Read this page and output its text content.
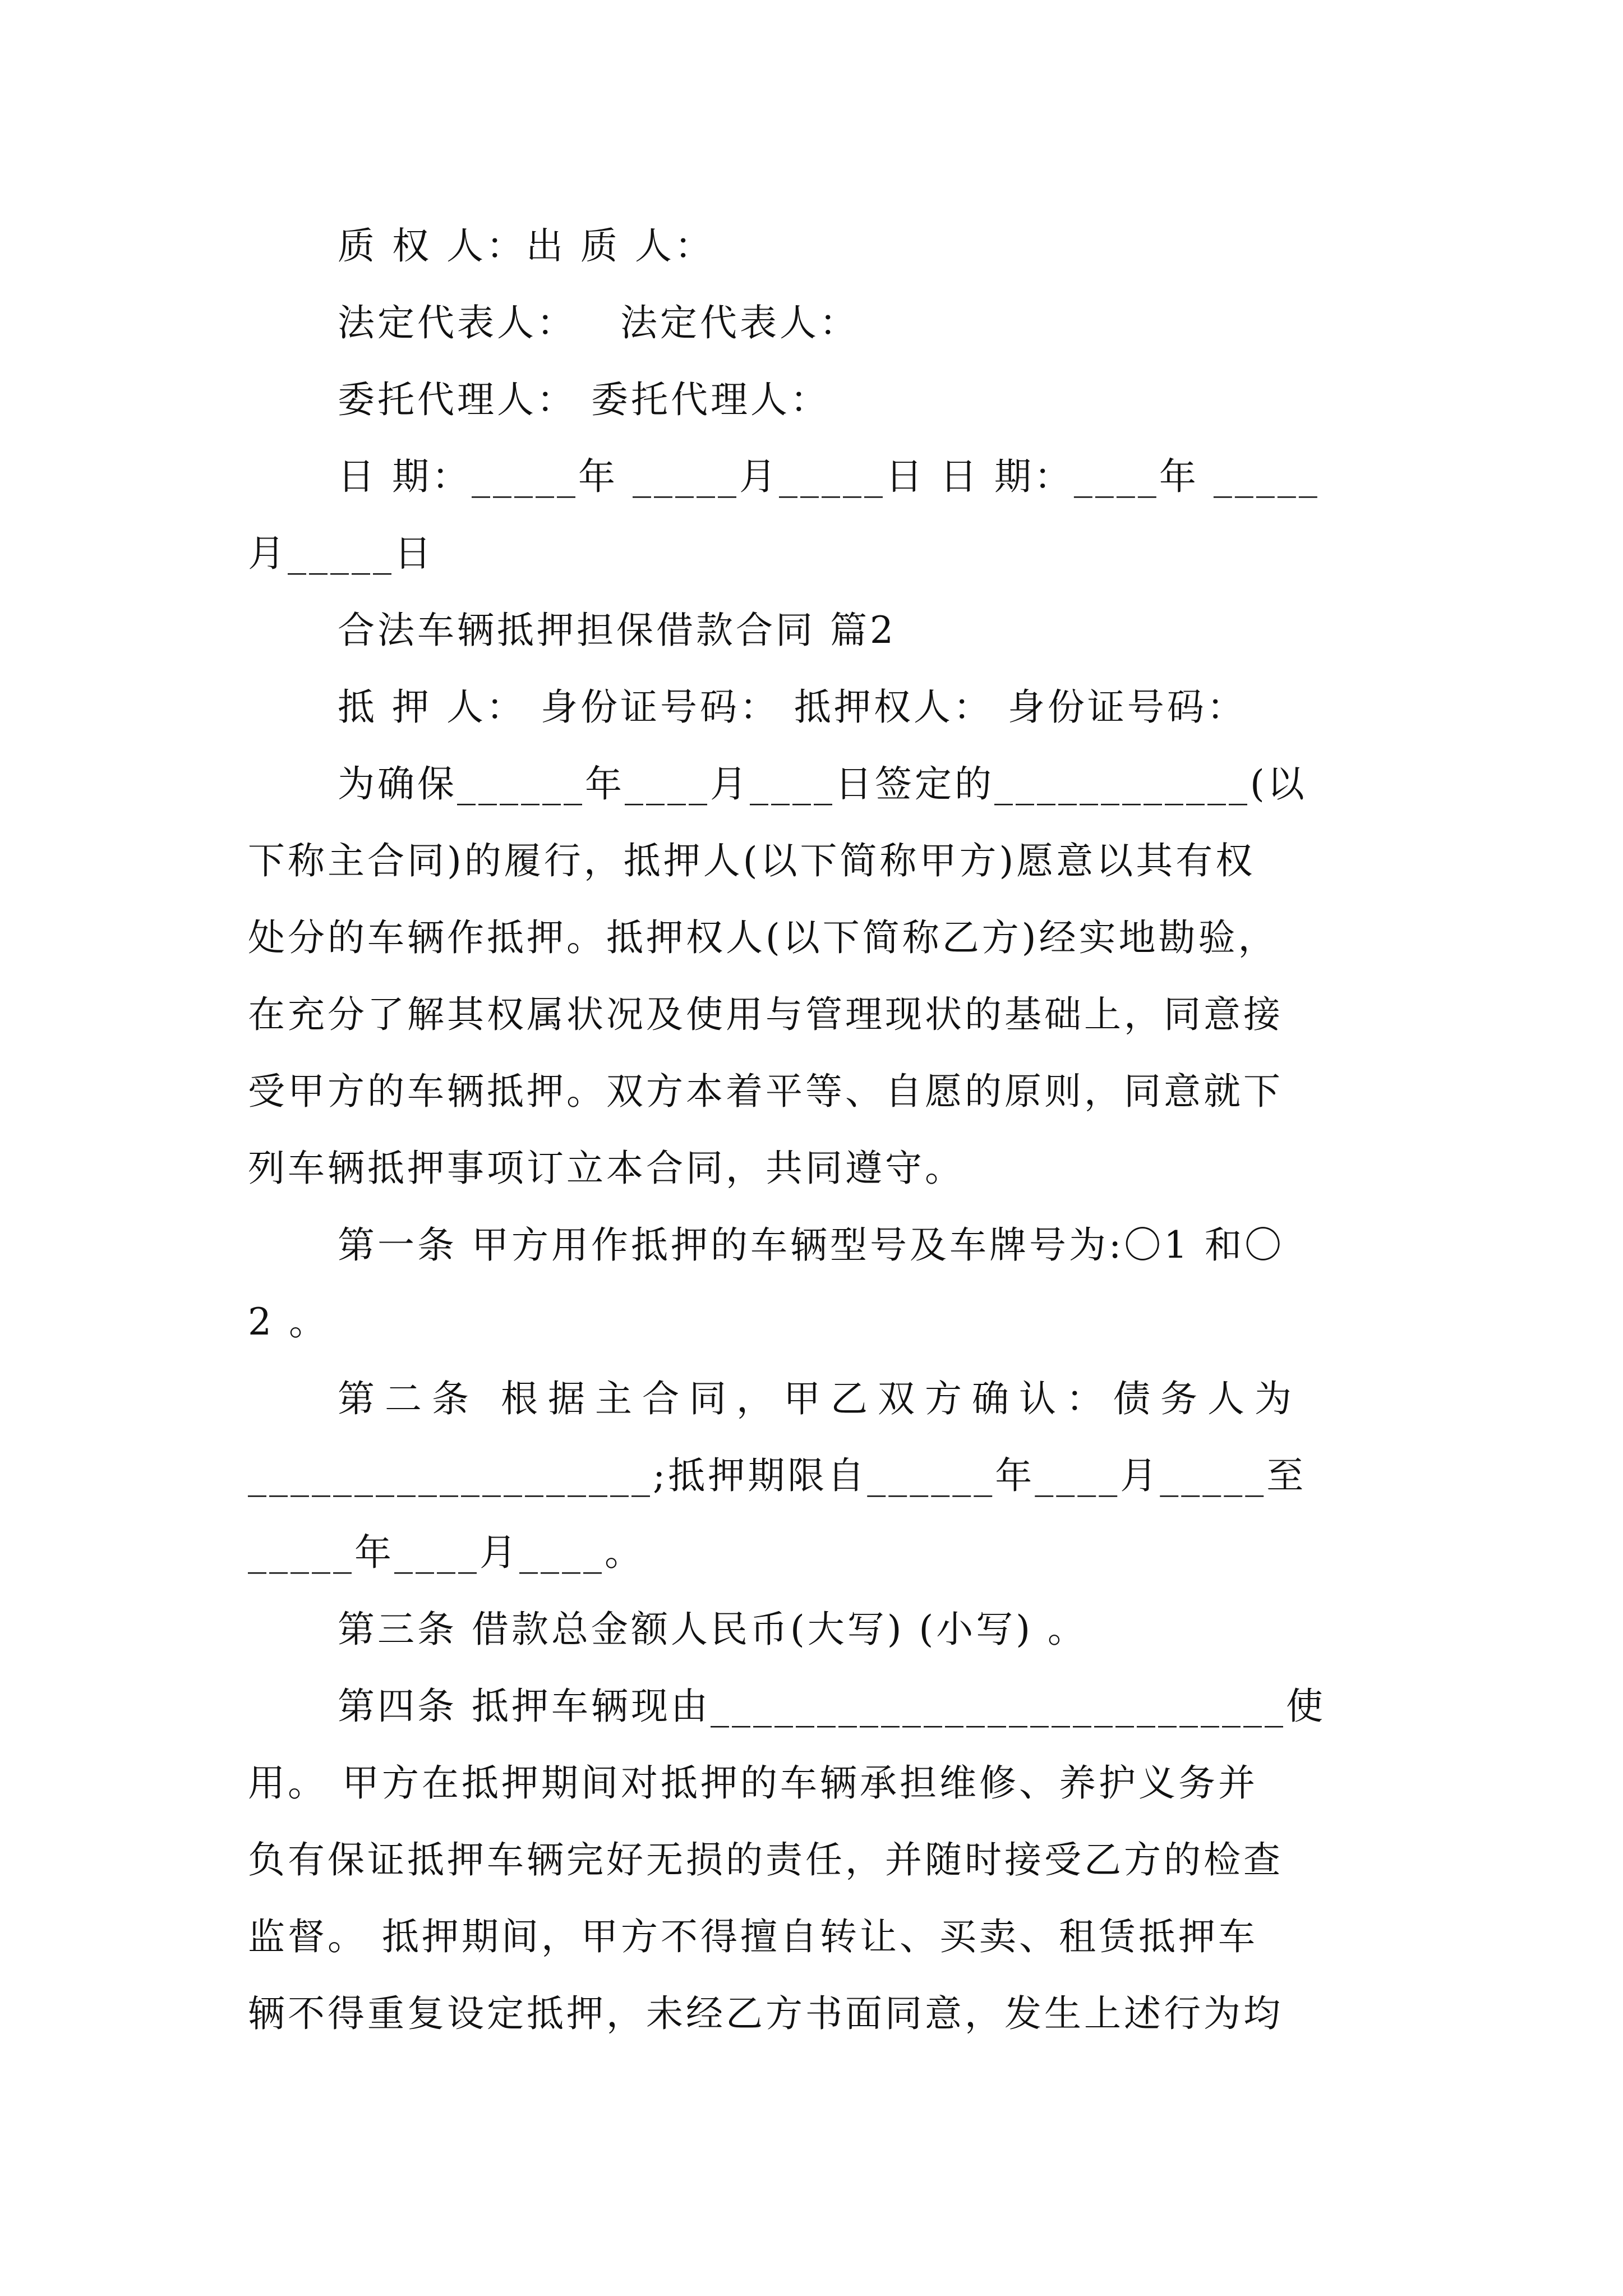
质 权 人：出 质 人：

法定代表人：   法定代表人：

委托代理人： 委托代理人：

日 期：_____年 _____月_____日 日 期：____年 _____

月_____日

合法车辆抵押担保借款合同 篇2

抵 押 人： 身份证号码： 抵押权人： 身份证号码：

为确保______年____月____日签定的____________(以

下称主合同)的履行，抵押人(以下简称甲方)愿意以其有权

处分的车辆作抵押。抵押权人(以下简称乙方)经实地勘验，

在充分了解其权属状况及使用与管理现状的基础上，同意接

受甲方的车辆抵押。双方本着平等、自愿的原则，同意就下

列车辆抵押事项订立本合同，共同遵守。

第一条 甲方用作抵押的车辆型号及车牌号为:〇1 和〇

2 。

第二条 根据主合同，甲乙双方确认：债务人为

___________________;抵押期限自______年____月_____至

_____年____月____。

第三条 借款总金额人民币(大写) (小写) 。

第四条 抵押车辆现由___________________________使

用。 甲方在抵押期间对抵押的车辆承担维修、养护义务并

负有保证抵押车辆完好无损的责任，并随时接受乙方的检查

监督。 抵押期间，甲方不得擅自转让、买卖、租赁抵押车

辆不得重复设定抵押，未经乙方书面同意，发生上述行为均
